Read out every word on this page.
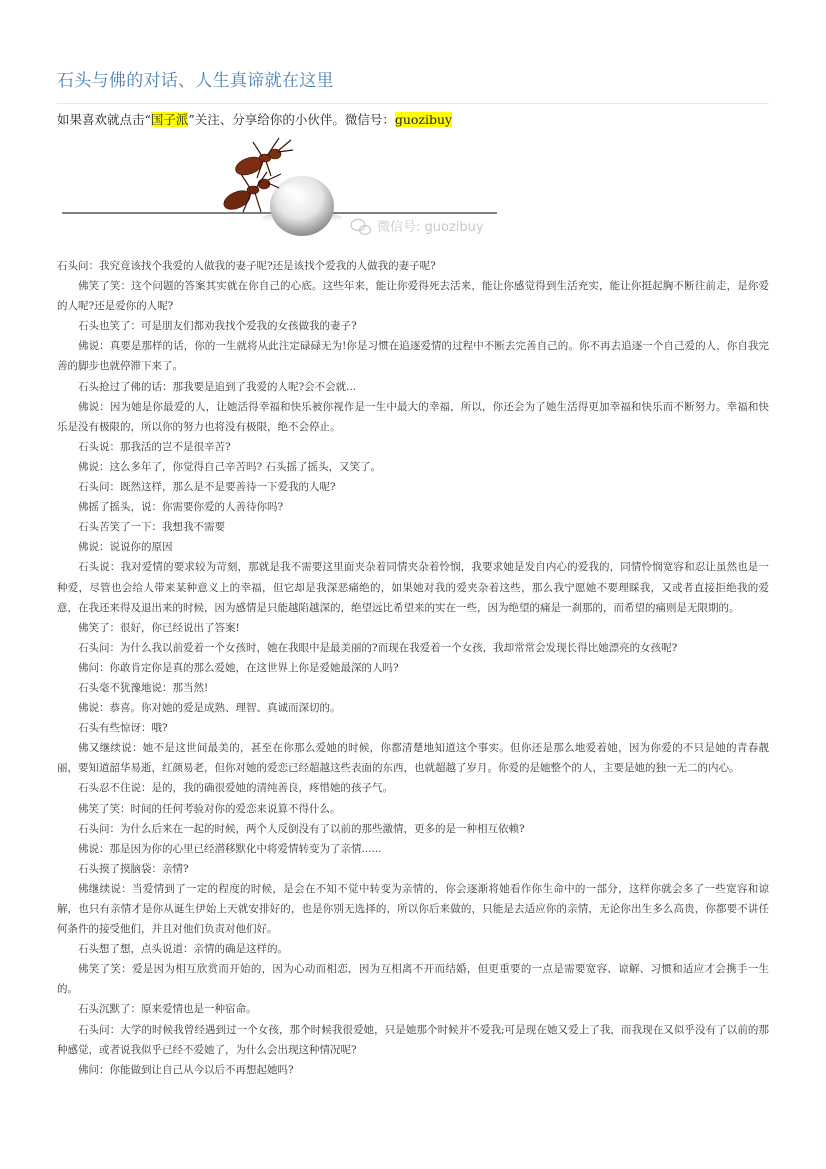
石头与佛的对话、人生真谛就在这里
如果喜欢就点击“国子派”关注、分享给你的小伙伴。微信号：guozibuy
微信号: guozibuy

石头问：我究竟该找个我爱的人做我的妻子呢?还是该找个爱我的人做我的妻子呢?

佛笑了笑：这个问题的答案其实就在你自己的心底。这些年来，能让你爱得死去活来，能让你感觉得到生活充实，能让你挺起胸不断往前走，是你爱的人呢?还是爱你的人呢?

石头也笑了：可是朋友们都劝我找个爱我的女孩做我的妻子?

佛说：真要是那样的话，你的一生就将从此注定碌碌无为!你是习惯在追逐爱情的过程中不断去完善自己的。你不再去追逐一个自己爱的人，你自我完善的脚步也就停滞下来了。

石头抢过了佛的话：那我要是追到了我爱的人呢?会不会就...

佛说：因为她是你最爱的人，让她活得幸福和快乐被你视作是一生中最大的幸福，所以，你还会为了她生活得更加幸福和快乐而不断努力。幸福和快乐是没有极限的，所以你的努力也将没有极限，绝不会停止。

石头说：那我活的岂不是很辛苦?

佛说：这么多年了，你觉得自己辛苦吗? 石头摇了摇头，又笑了。

石头问：既然这样，那么是不是要善待一下爱我的人呢?

佛摇了摇头，说：你需要你爱的人善待你吗?

石头苦笑了一下：我想我不需要

佛说：说说你的原因

石头说：我对爱情的要求较为苛刻，那就是我不需要这里面夹杂着同情夹杂着怜悯，我要求她是发自内心的爱我的，同情怜悯宽容和忍让虽然也是一种爱，尽管也会给人带来某种意义上的幸福，但它却是我深恶痛绝的，如果她对我的爱夹杂着这些，那么我宁愿她不要理睬我，又或者直接拒绝我的爱意，在我还来得及退出来的时候，因为感情是只能越陷越深的，绝望远比希望来的实在一些，因为绝望的痛是一刹那的，而希望的痛则是无限期的。

佛笑了：很好，你已经说出了答案!

石头问：为什么我以前爱着一个女孩时，她在我眼中是最美丽的?而现在我爱着一个女孩，我却常常会发现长得比她漂亮的女孩呢?

佛问：你敢肯定你是真的那么爱她，在这世界上你是爱她最深的人吗?

石头毫不犹豫地说：那当然!

佛说：恭喜。你对她的爱是成熟、理智、真诚而深切的。

石头有些惊讶：哦?

佛又继续说：她不是这世间最美的，甚至在你那么爱她的时候，你都清楚地知道这个事实。但你还是那么地爱着她，因为你爱的不只是她的青春靓丽，要知道韶华易逝，红颜易老，但你对她的爱恋已经超越这些表面的东西，也就超越了岁月。你爱的是她整个的人，主要是她的独一无二的内心。

石头忍不住说：是的，我的确很爱她的清纯善良，疼惜她的孩子气。

佛笑了笑：时间的任何考验对你的爱恋来说算不得什么。

石头问：为什么后来在一起的时候，两个人反倒没有了以前的那些激情，更多的是一种相互依赖?

佛说：那是因为你的心里已经潜移默化中将爱情转变为了亲情......

石头摸了摸脑袋：亲情?

佛继续说：当爱情到了一定的程度的时候，是会在不知不觉中转变为亲情的，你会逐渐将她看作你生命中的一部分，这样你就会多了一些宽容和谅解，也只有亲情才是你从诞生伊始上天就安排好的，也是你别无选择的，所以你后来做的，只能是去适应你的亲情，无论你出生多么高贵，你都要不讲任何条件的接受他们，并且对他们负责对他们好。

石头想了想，点头说道：亲情的确是这样的。

佛笑了笑：爱是因为相互欣赏而开始的，因为心动而相恋，因为互相离不开而结婚，但更重要的一点是需要宽容、谅解、习惯和适应才会携手一生的。

石头沉默了：原来爱情也是一种宿命。

石头问：大学的时候我曾经遇到过一个女孩，那个时候我很爱她，只是她那个时候并不爱我;可是现在她又爱上了我，而我现在又似乎没有了以前的那种感觉，或者说我似乎已经不爱她了，为什么会出现这种情况呢?

佛问：你能做到让自己从今以后不再想起她吗?
